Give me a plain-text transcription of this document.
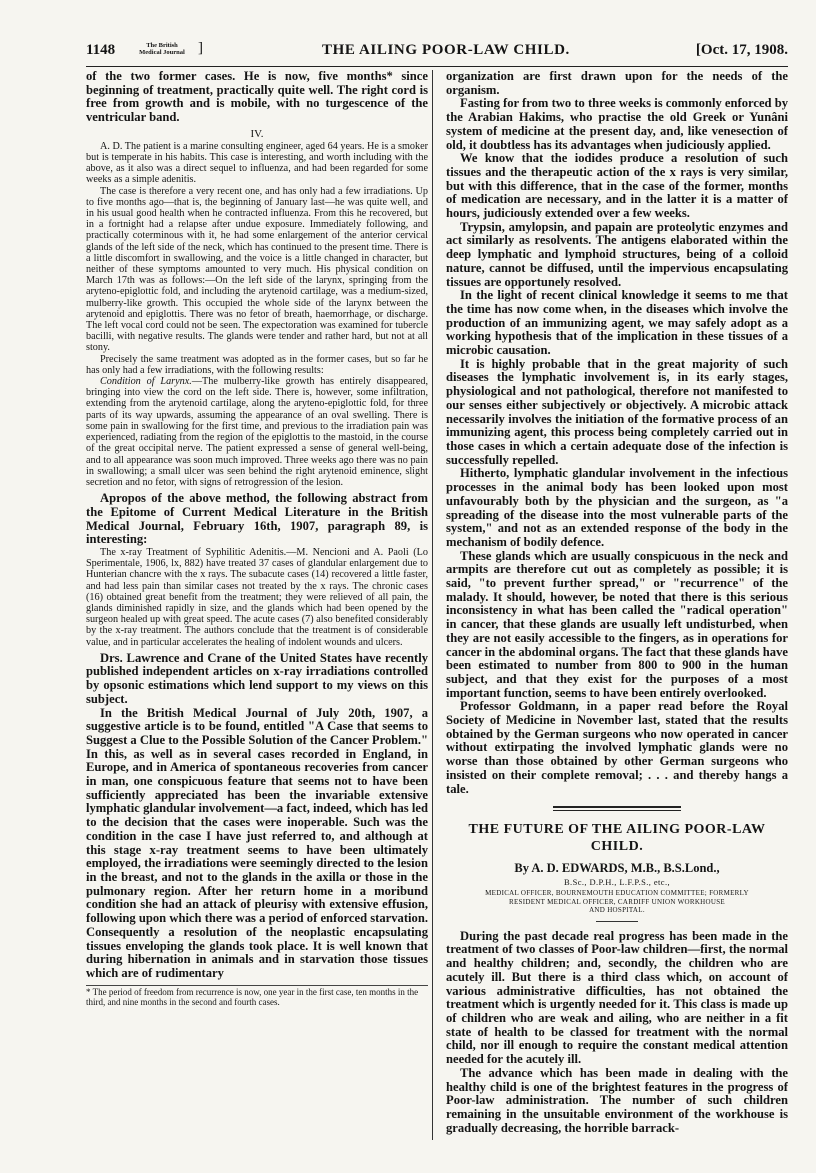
1148	The British
Medical Journal ]	THE AILING POOR-LAW CHILD.	[Oct. 17, 1908.

of the two former cases. He is now, five months* since beginning of treatment, practically quite well. The right cord is free from growth and is mobile, with no turgescence of the ventricular band.

IV.

A. D. The patient is a marine consulting engineer, aged 64 years. He is a smoker but is temperate in his habits. This case is interesting, and worth including with the above, as it also was a direct sequel to influenza, and had been regarded for some weeks as a simple adenitis.

The case is therefore a very recent one, and has only had a few irradiations. Up to five months ago—that is, the beginning of January last—he was quite well, and in his usual good health when he contracted influenza. From this he recovered, but in a fortnight had a relapse after undue exposure. Immediately following, and practically coterminous with it, he had some enlargement of the anterior cervical glands of the left side of the neck, which has continued to the present time. There is a little discomfort in swallowing, and the voice is a little changed in character, but neither of these symptoms amounted to very much. His physical condition on March 17th was as follows:—On the left side of the larynx, springing from the aryteno-epiglottic fold, and including the arytenoid cartilage, was a medium-sized, mulberry-like growth. This occupied the whole side of the larynx between the arytenoid and epiglottis. There was no fetor of breath, haemorrhage, or discharge. The left vocal cord could not be seen. The expectoration was examined for tubercle bacilli, with negative results. The glands were tender and rather hard, but not at all stony.

Precisely the same treatment was adopted as in the former cases, but so far he has only had a few irradiations, with the following results:

Condition of Larynx.—The mulberry-like growth has entirely disappeared, bringing into view the cord on the left side. There is, however, some infiltration, extending from the arytenoid cartilage, along the aryteno-epiglottic fold, for three parts of its way upwards, assuming the appearance of an oval swelling. There is some pain in swallowing for the first time, and previous to the irradiation pain was experienced, radiating from the region of the epiglottis to the mastoid, in the course of the great occipital nerve. The patient expressed a sense of general well-being, and to all appearance was soon much improved. Three weeks ago there was no pain in swallowing; a small ulcer was seen behind the right arytenoid eminence, slight secretion and no fetor, with signs of retrogression of the lesion.

Apropos of the above method, the following abstract from the Epitome of Current Medical Literature in the British Medical Journal, February 16th, 1907, paragraph 89, is interesting:

The x-ray Treatment of Syphilitic Adenitis.—M. Nencioni and A. Paoli (Lo Sperimentale, 1906, lx, 882) have treated 37 cases of glandular enlargement due to Hunterian chancre with the x rays. The subacute cases (14) recovered a little faster, and had less pain than similar cases not treated by the x rays. The chronic cases (16) obtained great benefit from the treatment; they were relieved of all pain, the glands diminished rapidly in size, and the glands which had been opened by the surgeon healed up with great speed. The acute cases (7) also benefited considerably by the x-ray treatment. The authors conclude that the treatment is of considerable value, and in particular accelerates the healing of indolent wounds and ulcers.

Drs. Lawrence and Crane of the United States have recently published independent articles on x-ray irradiations controlled by opsonic estimations which lend support to my views on this subject.

In the British Medical Journal of July 20th, 1907, a suggestive article is to be found, entitled "A Case that seems to Suggest a Clue to the Possible Solution of the Cancer Problem." In this, as well as in several cases recorded in England, in Europe, and in America of spontaneous recoveries from cancer in man, one conspicuous feature that seems not to have been sufficiently appreciated has been the invariable extensive lymphatic glandular involvement—a fact, indeed, which has led to the decision that the cases were inoperable. Such was the condition in the case I have just referred to, and although at this stage x-ray treatment seems to have been ultimately employed, the irradiations were seemingly directed to the lesion in the breast, and not to the glands in the axilla or those in the pulmonary region. After her return home in a moribund condition she had an attack of pleurisy with extensive effusion, following upon which there was a period of enforced starvation. Consequently a resolution of the neoplastic encapsulating tissues enveloping the glands took place. It is well known that during hibernation in animals and in starvation those tissues which are of rudimentary

* The period of freedom from recurrence is now, one year in the first case, ten months in the third, and nine months in the second and fourth cases.

organization are first drawn upon for the needs of the organism.

Fasting for from two to three weeks is commonly enforced by the Arabian Hakims, who practise the old Greek or Yunâni system of medicine at the present day, and, like venesection of old, it doubtless has its advantages when judiciously applied.

We know that the iodides produce a resolution of such tissues and the therapeutic action of the x rays is very similar, but with this difference, that in the case of the former, months of medication are necessary, and in the latter it is a matter of hours, judiciously extended over a few weeks.

Trypsin, amylopsin, and papain are proteolytic enzymes and act similarly as resolvents. The antigens elaborated within the deep lymphatic and lymphoid structures, being of a colloid nature, cannot be diffused, until the impervious encapsulating tissues are opportunely resolved.

In the light of recent clinical knowledge it seems to me that the time has now come when, in the diseases which involve the production of an immunizing agent, we may safely adopt as a working hypothesis that of the implication in these tissues of a microbic causation.

It is highly probable that in the great majority of such diseases the lymphatic involvement is, in its early stages, physiological and not pathological, therefore not manifested to our senses either subjectively or objectively. A microbic attack necessarily involves the initiation of the formative process of an immunizing agent, this process being completely carried out in those cases in which a certain adequate dose of the infection is successfully repelled.

Hitherto, lymphatic glandular involvement in the infectious processes in the animal body has been looked upon most unfavourably both by the physician and the surgeon, as "a spreading of the disease into the most vulnerable parts of the system," and not as an extended response of the body in the mechanism of bodily defence.

These glands which are usually conspicuous in the neck and armpits are therefore cut out as completely as possible; it is said, "to prevent further spread," or "recurrence" of the malady. It should, however, be noted that there is this serious inconsistency in what has been called the "radical operation" in cancer, that these glands are usually left undisturbed, when they are not easily accessible to the fingers, as in operations for cancer in the abdominal organs. The fact that these glands have been estimated to number from 800 to 900 in the human subject, and that they exist for the purposes of a most important function, seems to have been entirely overlooked.

Professor Goldmann, in a paper read before the Royal Society of Medicine in November last, stated that the results obtained by the German surgeons who now operated in cancer without extirpating the involved lymphatic glands were no worse than those obtained by other German surgeons who insisted on their complete removal; . . . and thereby hangs a tale.

THE FUTURE OF THE AILING POOR-LAW CHILD.
By A. D. EDWARDS, M.B., B.S.Lond.,
B.Sc., D.P.H., L.F.P.S., etc.,
MEDICAL OFFICER, BOURNEMOUTH EDUCATION COMMITTEE; FORMERLY
RESIDENT MEDICAL OFFICER, CARDIFF UNION WORKHOUSE
AND HOSPITAL.

During the past decade real progress has been made in the treatment of two classes of Poor-law children—first, the normal and healthy children; and, secondly, the children who are acutely ill. But there is a third class which, on account of various administrative difficulties, has not obtained the treatment which is urgently needed for it. This class is made up of children who are weak and ailing, who are neither in a fit state of health to be classed for treatment with the normal child, nor ill enough to require the constant medical attention needed for the acutely ill.

The advance which has been made in dealing with the healthy child is one of the brightest features in the progress of Poor-law administration. The number of such children remaining in the unsuitable environment of the workhouse is gradually decreasing, the horrible barrack-
